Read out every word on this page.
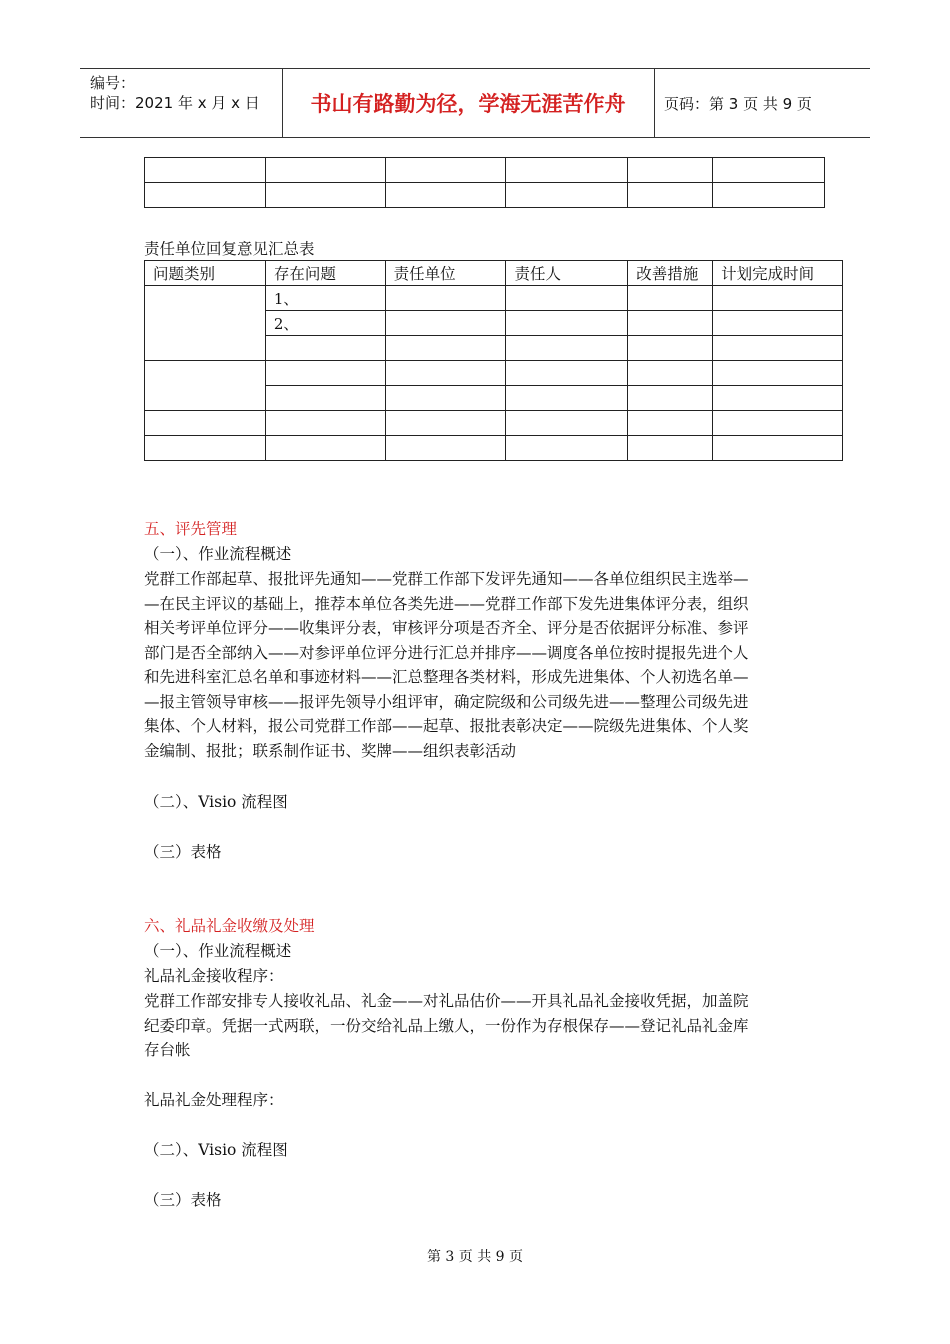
编号：
时间：2021 年 x 月 x 日	书山有路勤为径，学海无涯苦作舟	页码：第 3 页 共 9 页

责任单位回复意见汇总表
问题类别	存在问题	责任单位	责任人	改善措施	计划完成时间
	1、				
	2、				

五、评先管理
（一）、作业流程概述
党群工作部起草、报批评先通知——党群工作部下发评先通知——各单位组织民主选举—
—在民主评议的基础上，推荐本单位各类先进——党群工作部下发先进集体评分表，组织
相关考评单位评分——收集评分表，审核评分项是否齐全、评分是否依据评分标准、参评
部门是否全部纳入——对参评单位评分进行汇总并排序——调度各单位按时提报先进个人
和先进科室汇总名单和事迹材料——汇总整理各类材料，形成先进集体、个人初选名单—
—报主管领导审核——报评先领导小组评审，确定院级和公司级先进——整理公司级先进
集体、个人材料，报公司党群工作部——起草、报批表彰决定——院级先进集体、个人奖
金编制、报批；联系制作证书、奖牌——组织表彰活动
（二）、Visio 流程图
（三）表格
六、礼品礼金收缴及处理
（一）、作业流程概述
礼品礼金接收程序：
党群工作部安排专人接收礼品、礼金——对礼品估价——开具礼品礼金接收凭据，加盖院
纪委印章。凭据一式两联，一份交给礼品上缴人，一份作为存根保存——登记礼品礼金库
存台帐
礼品礼金处理程序：
（二）、Visio 流程图
（三）表格
第 3 页 共 9 页
